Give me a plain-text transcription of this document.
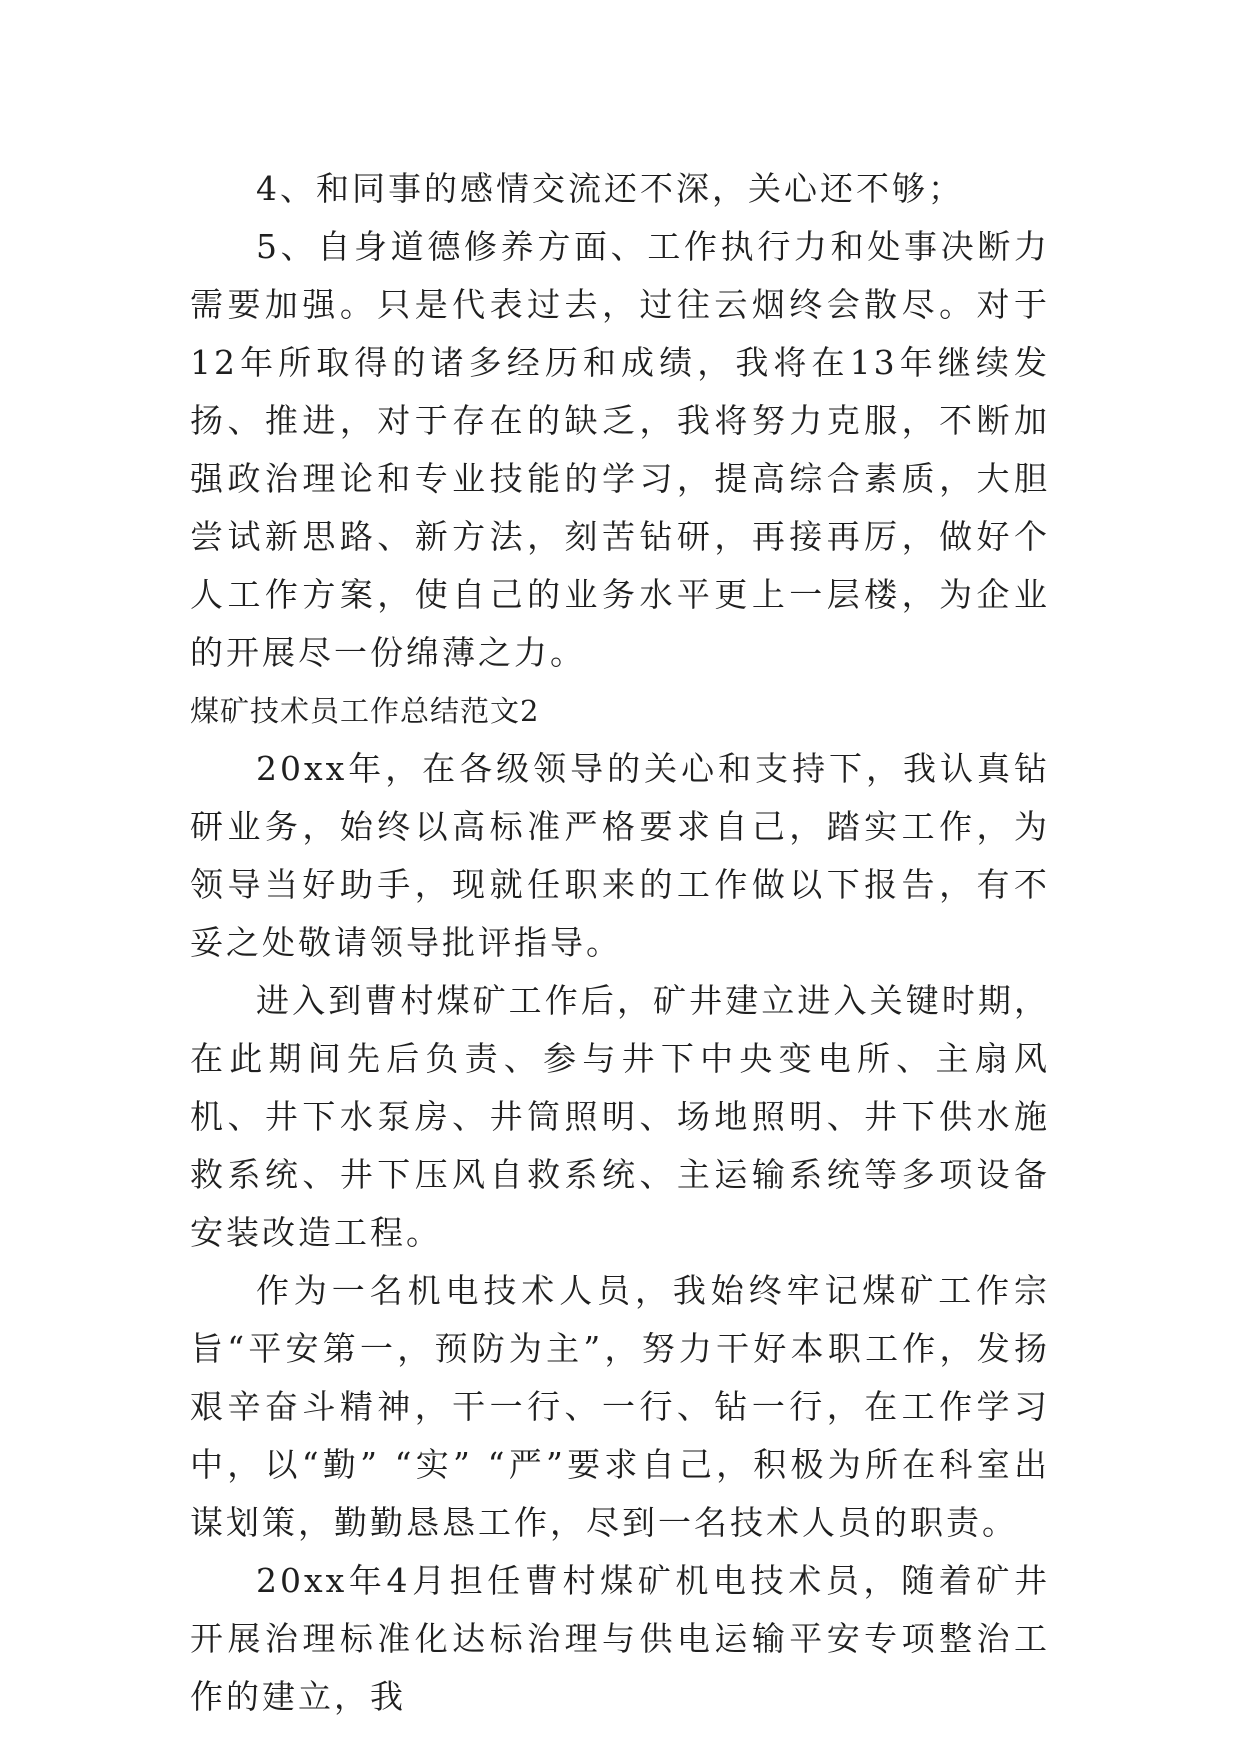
4、和同事的感情交流还不深，关心还不够；

5、自身道德修养方面、工作执行力和处事决断力需要加强。只是代表过去，过往云烟终会散尽。对于12年所取得的诸多经历和成绩，我将在13年继续发扬、推进，对于存在的缺乏，我将努力克服，不断加强政治理论和专业技能的学习，提高综合素质，大胆尝试新思路、新方法，刻苦钻研，再接再厉，做好个人工作方案，使自己的业务水平更上一层楼，为企业的开展尽一份绵薄之力。

煤矿技术员工作总结范文2

20xx年，在各级领导的关心和支持下，我认真钻研业务，始终以高标准严格要求自己，踏实工作，为领导当好助手，现就任职来的工作做以下报告，有不妥之处敬请领导批评指导。

进入到曹村煤矿工作后，矿井建立进入关键时期，在此期间先后负责、参与井下中央变电所、主扇风机、井下水泵房、井筒照明、场地照明、井下供水施救系统、井下压风自救系统、主运输系统等多项设备安装改造工程。

作为一名机电技术人员，我始终牢记煤矿工作宗旨“平安第一，预防为主”，努力干好本职工作，发扬艰辛奋斗精神，干一行、一行、钻一行，在工作学习中，以“勤” “实” “严”要求自己，积极为所在科室出谋划策，勤勤恳恳工作，尽到一名技术人员的职责。

20xx年4月担任曹村煤矿机电技术员，随着矿井开展治理标准化达标治理与供电运输平安专项整治工作的建立，我
